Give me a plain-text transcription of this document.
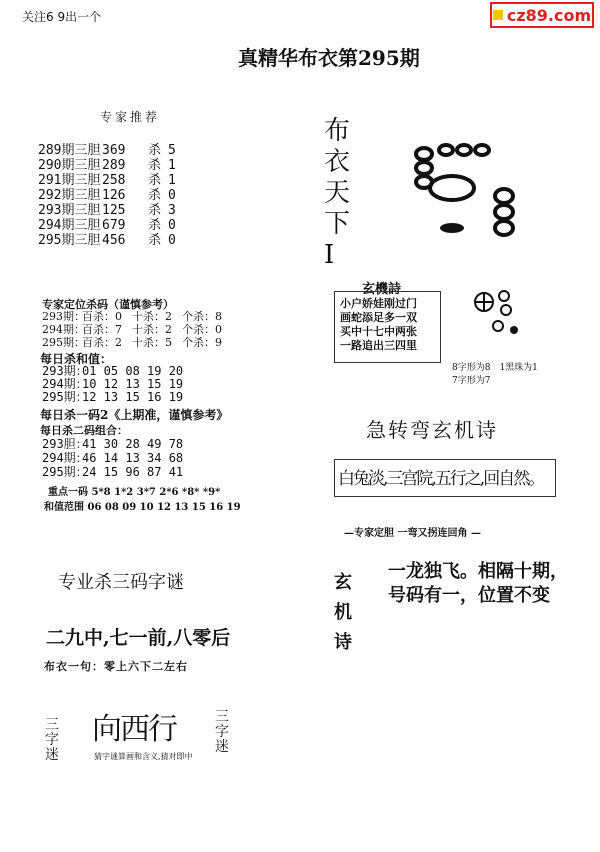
关注6 9出一个	cz89.com
真精华布衣第295期
专家推荐
289期三胆 369	杀 5
290期三胆 289	杀 1
291期三胆 258	杀 1
292期三胆 126	杀 0
293期三胆 125	杀 3
294期三胆 679	杀 0
295期三胆 456	杀 0
专家定位杀码（谨慎参考）
293期：
百杀：0 十杀：2 个杀：8
294期：
百杀：7 十杀：2 个杀：0
295期：
百杀：2 十杀：5 个杀：9
每日杀和值：
293期：
01 05 08 19 20
294期：
10 12 13 15 19
295期：
12 13 15 16 19
每日杀一码2《上期准，谨慎参考》
每日杀二码组合：
293胆：
41 30 28 49 78
294期：
46 14 13 34 68
295期：
24 15 96 87 41
重点一码 5*8 1*2 3*7 2*6 *8* *9*
和值范围 06 08 09 10 12 13 15 16 19
专业杀三码字谜
二九中,七一前,八零后
布衣一句：零上六下二左右
三字迷
向西行	三字迷
猜字谜算画和含义,猜对即中
布衣天下I
玄機詩
小户娇娃刚过门
画蛇添足多一双
买中十七中两张
一路追出三四里
8字形为8　1黑珠为1
7字形为7
急转弯玄机诗
白兔淡,三宫院,五行之,回自然。
—专家定胆 一弯又拐连回角 —
玄机诗
一龙独飞。相隔十期，
号码有一，位置不变
